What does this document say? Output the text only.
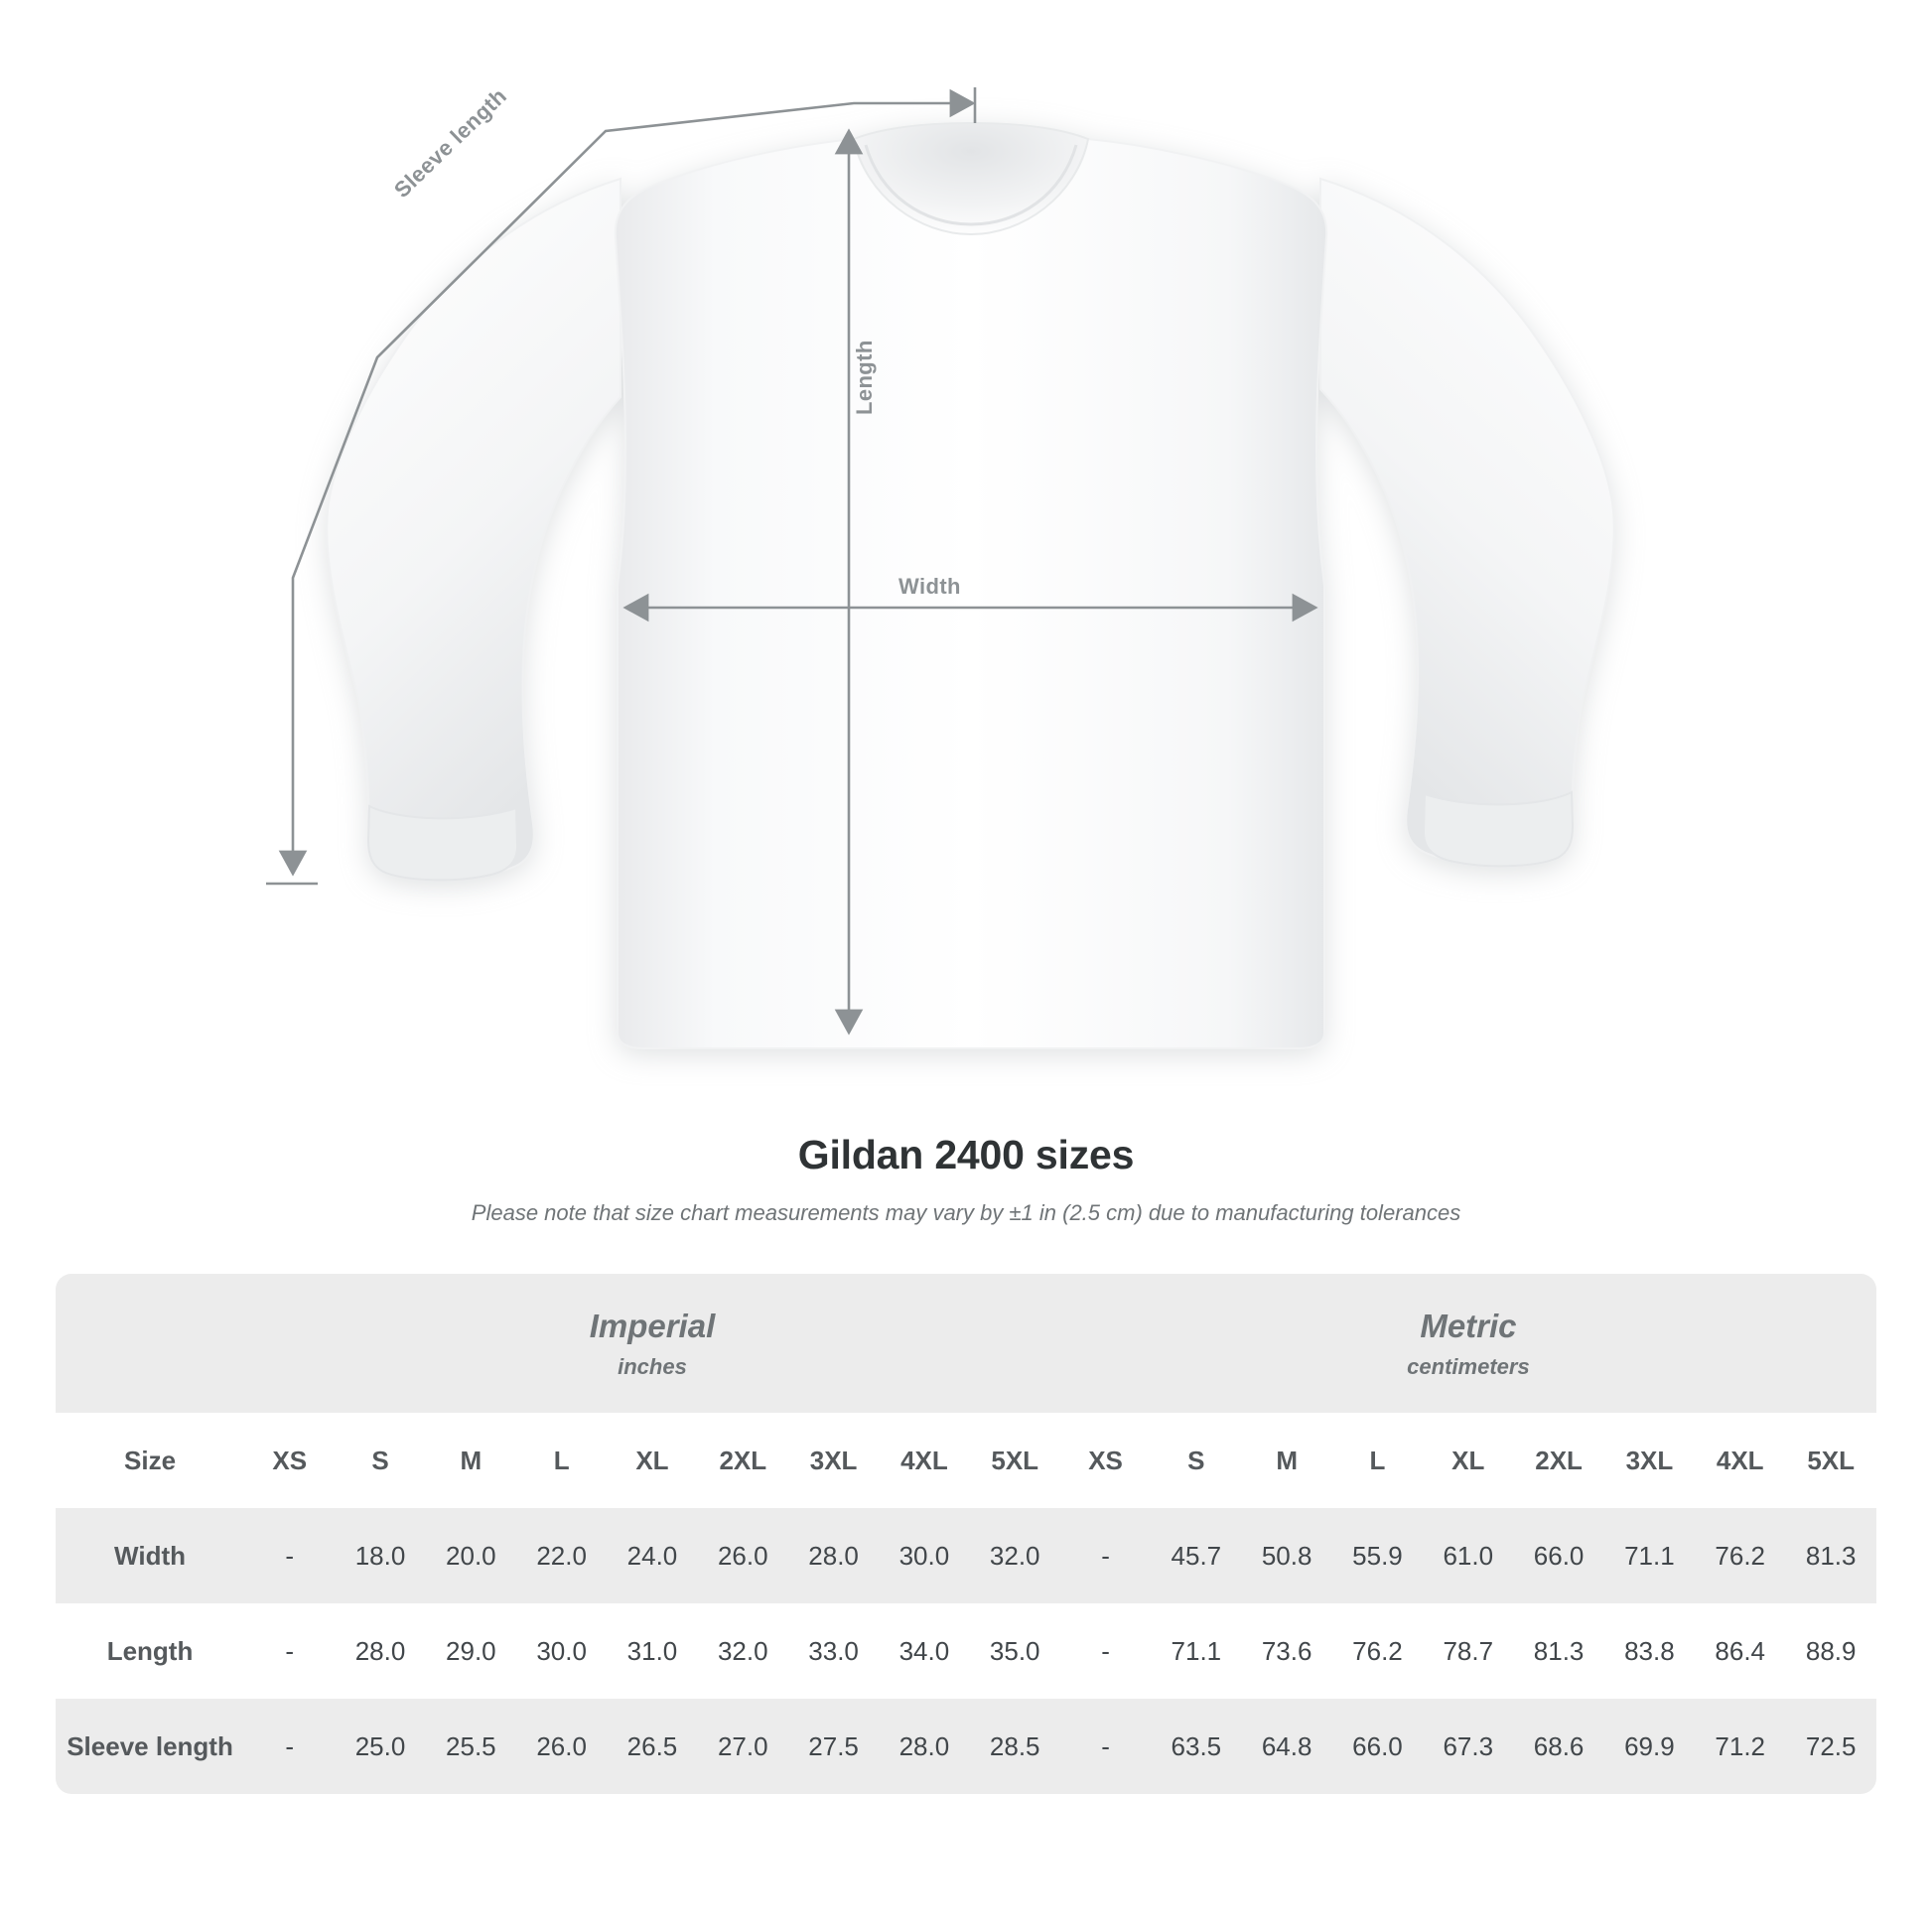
Width
Length
Sleeve length
Gildan 2400 sizes
Please note that size chart measurements may vary by ±1 in (2.5 cm) due to manufacturing tolerances

	Imperial
inches									Metric
centimeters								

Size	XS	S	M	L	XL	2XL	3XL	4XL	5XL	XS	S	M	L	XL	2XL	3XL	4XL	5XL
Width	-	18.0	20.0	22.0	24.0	26.0	28.0	30.0	32.0	-	45.7	50.8	55.9	61.0	66.0	71.1	76.2	81.3
Length	-	28.0	29.0	30.0	31.0	32.0	33.0	34.0	35.0	-	71.1	73.6	76.2	78.7	81.3	83.8	86.4	88.9
Sleeve length	-	25.0	25.5	26.0	26.5	27.0	27.5	28.0	28.5	-	63.5	64.8	66.0	67.3	68.6	69.9	71.2	72.5
